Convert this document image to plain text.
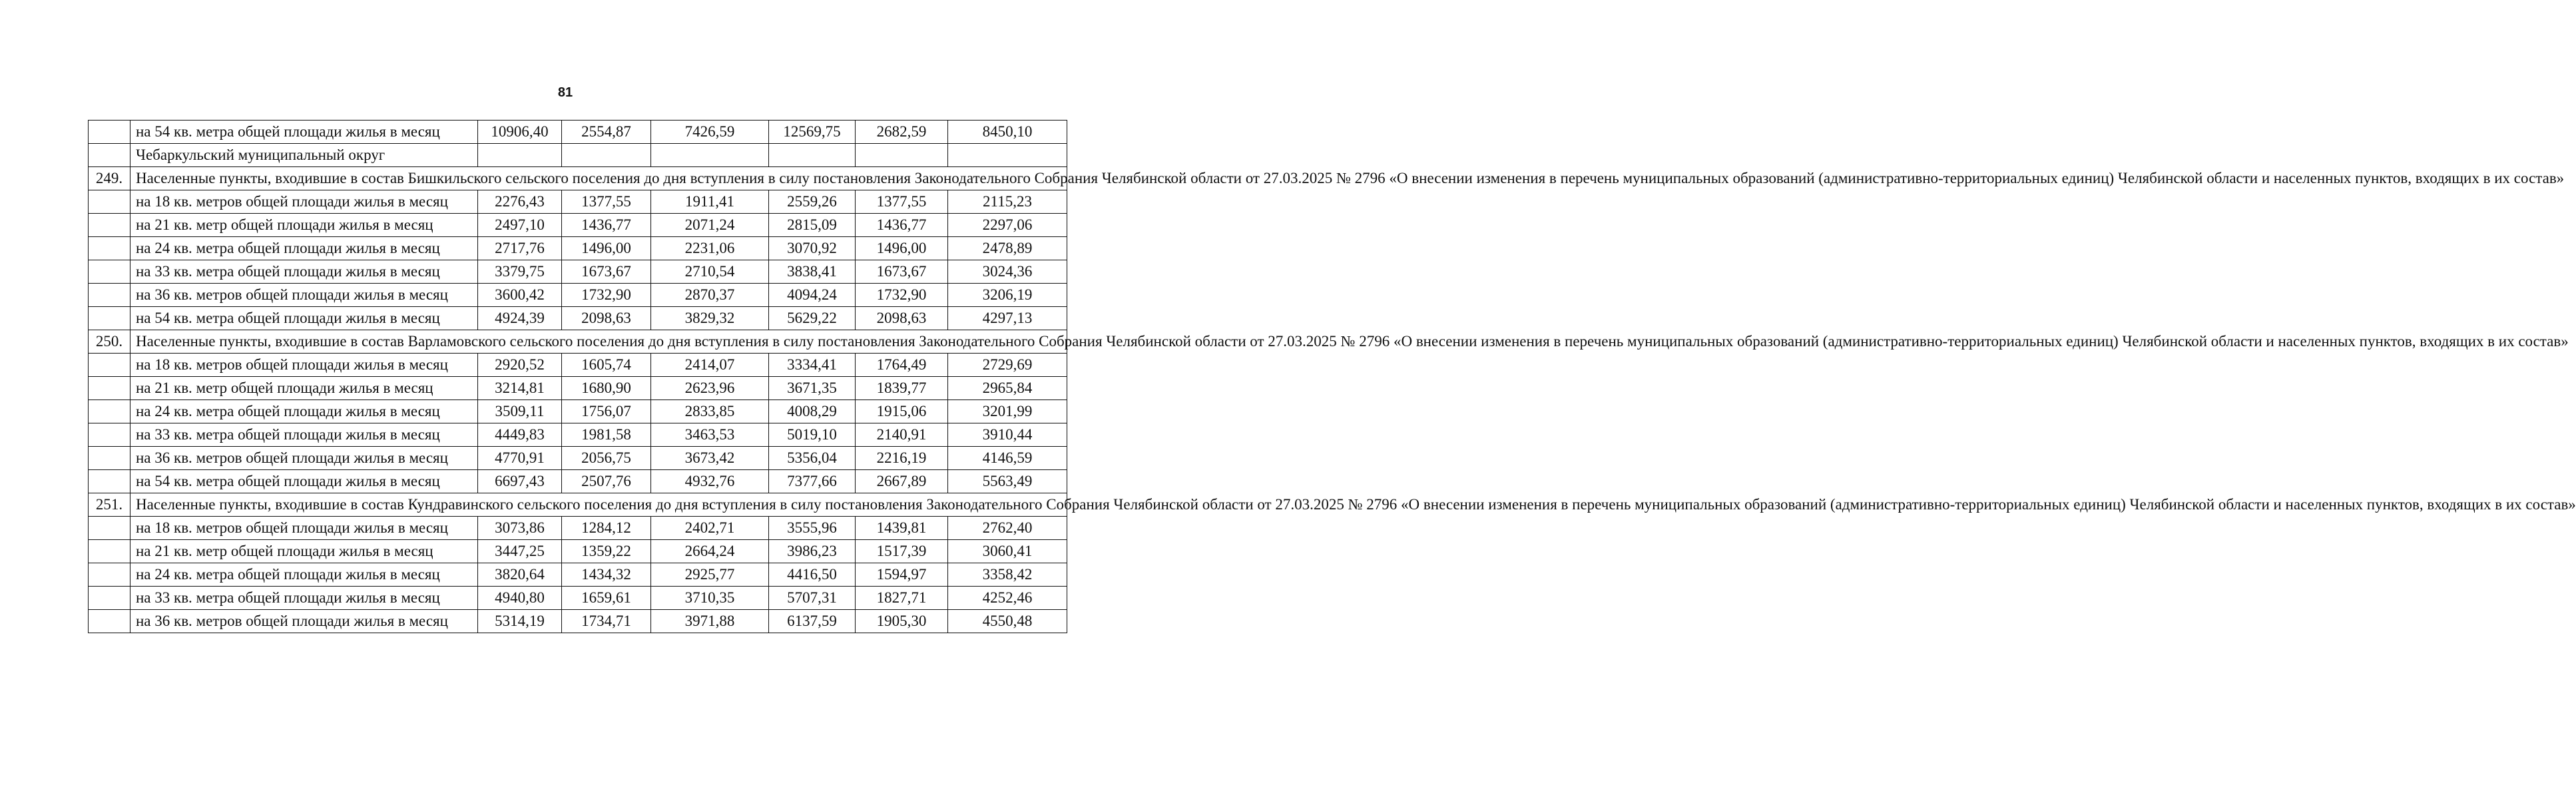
81
	на 54 кв. метра общей площади жилья в месяц	10906,40	2554,87	7426,59	12569,75	2682,59	8450,10
	Чебаркульский муниципальный округ						
249.	Населенные пункты, входившие в состав Бишкильского сельского поселения до дня вступления в силу постановления Законодательного Собрания Челябинской области от 27.03.2025 № 2796 «О внесении изменения в перечень муниципальных образований (административно-территориальных единиц) Челябинской области и населенных пунктов, входящих в их состав»						
	на 18 кв. метров общей площади жилья в месяц	2276,43	1377,55	1911,41	2559,26	1377,55	2115,23
	на 21 кв. метр общей площади жилья в месяц	2497,10	1436,77	2071,24	2815,09	1436,77	2297,06
	на 24 кв. метра общей площади жилья в месяц	2717,76	1496,00	2231,06	3070,92	1496,00	2478,89
	на 33 кв. метра общей площади жилья в месяц	3379,75	1673,67	2710,54	3838,41	1673,67	3024,36
	на 36 кв. метров общей площади жилья в месяц	3600,42	1732,90	2870,37	4094,24	1732,90	3206,19
	на 54 кв. метра общей площади жилья в месяц	4924,39	2098,63	3829,32	5629,22	2098,63	4297,13
250.	Населенные пункты, входившие в состав Варламовского сельского поселения до дня вступления в силу постановления Законодательного Собрания Челябинской области от 27.03.2025 № 2796 «О внесении изменения в перечень муниципальных образований (административно-территориальных единиц) Челябинской области и населенных пунктов, входящих в их состав»						
	на 18 кв. метров общей площади жилья в месяц	2920,52	1605,74	2414,07	3334,41	1764,49	2729,69
	на 21 кв. метр общей площади жилья в месяц	3214,81	1680,90	2623,96	3671,35	1839,77	2965,84
	на 24 кв. метра общей площади жилья в месяц	3509,11	1756,07	2833,85	4008,29	1915,06	3201,99
	на 33 кв. метра общей площади жилья в месяц	4449,83	1981,58	3463,53	5019,10	2140,91	3910,44
	на 36 кв. метров общей площади жилья в месяц	4770,91	2056,75	3673,42	5356,04	2216,19	4146,59
	на 54 кв. метра общей площади жилья в месяц	6697,43	2507,76	4932,76	7377,66	2667,89	5563,49
251.	Населенные пункты, входившие в состав Кундравинского сельского поселения до дня вступления в силу постановления Законодательного Собрания Челябинской области от 27.03.2025 № 2796 «О внесении изменения в перечень муниципальных образований (административно-территориальных единиц) Челябинской области и населенных пунктов, входящих в их состав»						
	на 18 кв. метров общей площади жилья в месяц	3073,86	1284,12	2402,71	3555,96	1439,81	2762,40
	на 21 кв. метр общей площади жилья в месяц	3447,25	1359,22	2664,24	3986,23	1517,39	3060,41
	на 24 кв. метра общей площади жилья в месяц	3820,64	1434,32	2925,77	4416,50	1594,97	3358,42
	на 33 кв. метра общей площади жилья в месяц	4940,80	1659,61	3710,35	5707,31	1827,71	4252,46
	на 36 кв. метров общей площади жилья в месяц	5314,19	1734,71	3971,88	6137,59	1905,30	4550,48
